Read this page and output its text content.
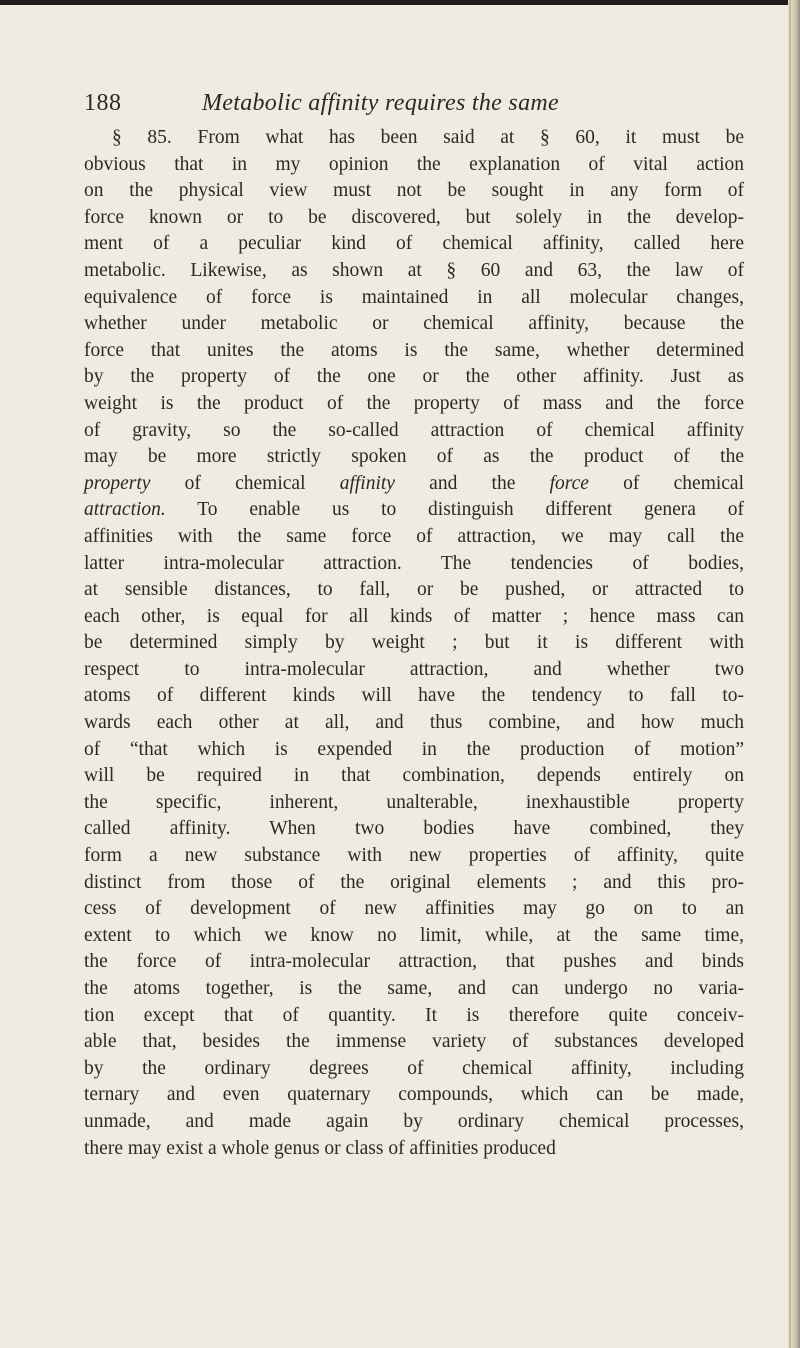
188	Metabolic affinity requires the same
§ 85. From what has been said at § 60, it must be
obvious that in my opinion the explanation of vital action
on the physical view must not be sought in any form of
force known or to be discovered, but solely in the develop-
ment of a peculiar kind of chemical affinity, called here
metabolic. Likewise, as shown at § 60 and 63, the law of
equivalence of force is maintained in all molecular changes,
whether under metabolic or chemical affinity, because the
force that unites the atoms is the same, whether determined
by the property of the one or the other affinity. Just as
weight is the product of the property of mass and the force
of gravity, so the so-called attraction of chemical affinity
may be more strictly spoken of as the product of the
property of chemical affinity and the force of chemical
attraction. To enable us to distinguish different genera of
affinities with the same force of attraction, we may call the
latter intra-molecular attraction. The tendencies of bodies,
at sensible distances, to fall, or be pushed, or attracted to
each other, is equal for all kinds of matter ; hence mass can
be determined simply by weight ; but it is different with
respect to intra-molecular attraction, and whether two
atoms of different kinds will have the tendency to fall to-
wards each other at all, and thus combine, and how much
of “that which is expended in the production of motion”
will be required in that combination, depends entirely on
the specific, inherent, unalterable, inexhaustible property
called affinity. When two bodies have combined, they
form a new substance with new properties of affinity, quite
distinct from those of the original elements ; and this pro-
cess of development of new affinities may go on to an
extent to which we know no limit, while, at the same time,
the force of intra-molecular attraction, that pushes and binds
the atoms together, is the same, and can undergo no varia-
tion except that of quantity. It is therefore quite conceiv-
able that, besides the immense variety of substances developed
by the ordinary degrees of chemical affinity, including
ternary and even quaternary compounds, which can be made,
unmade, and made again by ordinary chemical processes,
there may exist a whole genus or class of affinities produced
